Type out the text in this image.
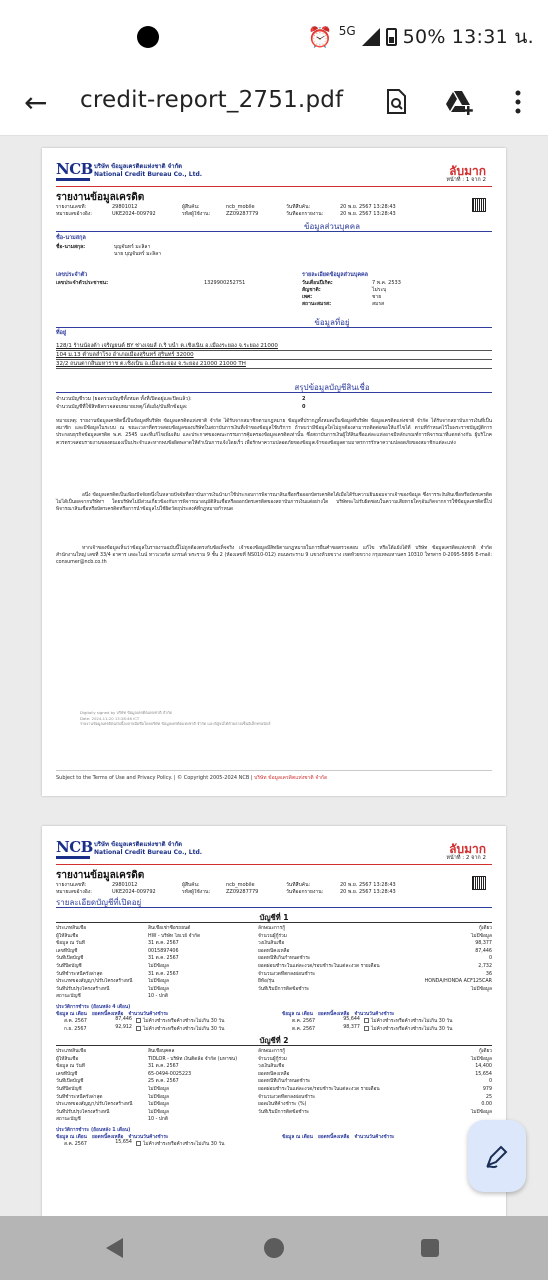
⏰ 5G 50% 13:31 น.
← credit-report_2751.pdf
NCB บริษัท ข้อมูลเครดิตแห่งชาติ จำกัด
National Credit Bureau Co., Ltd.	ลับมาก
หน้าที่ : 1 จาก 2
รายงานข้อมูลเครดิต
รายงานเลขที่:	29801012	ผู้สืบค้น:	ncb_mobile	วันที่สืบค้น:	20 พ.ย. 2567 13:28:43
หมายเลขอ้างอิง:	UKE2024-009792	รหัสผู้ใช้งาน:	ZZ09287779	วันที่ออกรายงาน:	20 พ.ย. 2567 13:28:43
ข้อมูลส่วนบุคคล
ชื่อ-นามสกุล
ชื่อ-นามสกุล:	บุญจันทร์ มะลิลา
นาย บุญจันทร์ มะลิลา
เลขประจำตัว
เลขประจำตัวประชาชน:	1329900252751
รายละเอียดข้อมูลส่วนบุคคล
วันเดือนปีเกิด:	7 พ.ค. 2533
สัญชาติ:	ไม่ระบุ
เพศ:	ชาย
สถานะสมรส:	สมรส
ข้อมูลที่อยู่
ที่อยู่
128/1 ร้านน้องต้า เจริญยนต์ BY ช่างเจมส์ ถ.ริ บน้ำ ต.เชิงเนิน อ.เมืองระยอง จ.ระยอง 21000
104 ม.13 ตำบลสำโรง อำเภอเมืองสุรินทร์ สุรินทร์ 32000
32/2 ถนนตากสินมหาราช ต.เชิงเนิน อ.เมืองระยอง จ.ระยอง 21000 21000 TH
สรุปข้อมูลบัญชีสินเชื่อ
จำนวนบัญชีรวม (ยอดรวมบัญชีทั้งหมด ทั้งที่เปิดอยู่และปิดแล้ว):	2
จำนวนบัญชีที่ใช้สิทธิตรวจสอบหมายเหตุ/โต้แย้ง/บันทึกข้อมูล:	0
หมายเหตุ: รายงานข้อมูลเครดิตนี้เป็นข้อมูลที่บริษัท ข้อมูลเครดิตแห่งชาติ จำกัด ได้รับจากสมาชิกตามกฎหมาย ข้อมูลที่ปรากฏทั้งหมดเป็นข้อมูลที่บริษัท ข้อมูลเครดิตแห่งชาติ จำกัด ได้รับจากสถาบันการเงินที่เป็นสมาชิก และมีข้อมูลในระบบ ณ ขณะเวลาที่ตรวจสอบข้อมูลของบริษัทในสถาบันการเงินที่เจ้าของข้อมูลใช้บริการ ถ้าพบว่ามีข้อมูลใดไม่ถูกต้องสามารถติดต่อขอให้แก้ไขได้ ตามที่กำหนดไว้ในพระราชบัญญัติการประกอบธุรกิจข้อมูลเครดิต พ.ศ. 2545 และที่แก้ไขเพิ่มเติม และประกาศของคณะกรรมการคุ้มครองข้อมูลเครดิตเท่านั้น ซึ่งสถาบันการเงินผู้ให้สินเชื่อแต่ละแห่งอาจมีหลักเกณฑ์การพิจารณาที่แตกต่างกัน ผู้บริโภคควรตรวจสอบรายงานของตนเองเป็นประจำและหากพบข้อผิดพลาดให้ดำเนินการแจ้งโดยเร็ว เพื่อรักษาความปลอดภัยของข้อมูลเจ้าของข้อมูลตามมาตรการรักษาความปลอดภัยของสมาชิกแต่ละแห่ง
อนึ่ง ข้อมูลเครดิตเป็นเพียงปัจจัยหนึ่งในหลายปัจจัยที่สถาบันการเงินนำมาใช้ประกอบการพิจารณาสินเชื่อหรือออกบัตรเครดิตได้เมื่อได้รับความยินยอมจากเจ้าของข้อมูล ซึ่งการระงับสินเชื่อหรือบัตรเครดิตไม่ได้เป็นผลจากบริษัทฯ โดยบริษัทไม่มีส่วนเกี่ยวข้องกับการพิจารณาอนุมัติสินเชื่อหรือออกบัตรเครดิตของสถาบันการเงินแต่อย่างใด บริษัทจะไม่รับผิดชอบในความเสียหายใดๆอันเกิดจากการใช้ข้อมูลเครดิตนี้ไปพิจารณาสินเชื่อหรือบัตรเครดิตหรือการนำข้อมูลไปใช้ผิดวัตถุประสงค์ที่กฎหมายกำหนด
หากเจ้าของข้อมูลเห็นว่าข้อมูลในรายงานฉบับนี้ไม่ถูกต้องตรงกับข้อเท็จจริง เจ้าของข้อมูลมีสิทธิตามกฎหมายในการยื่นคำขอตรวจสอบ แก้ไข หรือโต้แย้งได้ที่ บริษัท ข้อมูลเครดิตแห่งชาติ จำกัด สำนักงานใหญ่ เลขที่ 33/4 อาคาร เดอะไนน์ ทาวเวอร์ส แกรนด์ พระราม 9 ชั้น 2 (ห้องเลขที่ NS010-012) ถนนพระราม 9 แขวงห้วยขวาง เขตห้วยขวาง กรุงเทพมหานคร 10310 โทรสาร 0-2095-5895 E-mail: consumer@ncb.co.th
Digitally signed by บริษัท ข้อมูลเครดิตแห่งชาติ จำกัด
Date: 2024-11-20 13:28:46 ICT
รายงานข้อมูลเครดิตฉบับนี้ลงลายมือชื่อโดยบริษัท ข้อมูลเครดิตแห่งชาติ จำกัด และพิสูจน์ได้ด้วยลายเซ็นอิเล็กทรอนิกส์
Subject to the Terms of Use and Privacy Policy. | © Copyright 2005-2024 NCB | บริษัท ข้อมูลเครดิตแห่งชาติ จำกัด
NCB บริษัท ข้อมูลเครดิตแห่งชาติ จำกัด
National Credit Bureau Co., Ltd.	ลับมาก
หน้าที่ : 2 จาก 2
รายงานข้อมูลเครดิต
รายงานเลขที่:	29801012	ผู้สืบค้น:	ncb_mobile	วันที่สืบค้น:	20 พ.ย. 2567 13:28:43
หมายเลขอ้างอิง:	UKE2024-009792	รหัสผู้ใช้งาน:	ZZ09287779	วันที่ออกรายงาน:	20 พ.ย. 2567 13:28:43
รายละเอียดบัญชีที่เปิดอยู่
บัญชีที่ 1
ประเภทสินเชื่อ	สินเชื่อเช่าซื้อรถยนต์	ลักษณะการกู้	กู้เดี่ยว
ผู้ให้สินเชื่อ	HW - บริษัท ไฮเวย์ จำกัด	จำนวนผู้กู้ร่วม	ไม่มีข้อมูล
ข้อมูล ณ วันที่	31 ต.ค. 2567	วงเงินสินเชื่อ	98,377
เลขที่บัญชี	0015897406	ยอดหนี้คงเหลือ	87,446
วันที่เปิดบัญชี	31 ต.ค. 2567	ยอดหนี้ที่เกินกำหนดชำระ	0
วันที่ปิดบัญชี	ไม่มีข้อมูล	ยอดผ่อนชำระในแต่ละงวด/รอบชำระในแต่ละงวด รายเดือน	2,732
วันที่ชำระหนี้ครั้งล่าสุด	31 ต.ค. 2567	จำนวนงวดที่ตกลงผ่อนชำระ	36
ประเภทของสัญญา/ปรับโครงสร้างหนี้	ไม่มีข้อมูล	ยี่ห้อ/รุ่น	HONDA/HONDA ACF125CAR
วันที่ปรับปรุงโครงสร้างหนี้	ไม่มีข้อมูล	วันที่เริ่มมีการติดข้อชำระ	ไม่มีข้อมูล
สถานะบัญชี	10 - ปกติ
ประวัติการชำระ (ย้อนหลัง 4 เดือน)
ข้อมูล ณ เดือน ยอดหนี้คงเหลือ จำนวนวันค้างชำระ	ข้อมูล ณ เดือน ยอดหนี้คงเหลือ จำนวนวันค้างชำระ
ส.ค. 2567	87,446	ไม่ค้างชำระหรือค้างชำระไม่เกิน 30 วัน
ก.ย. 2567	92,912	ไม่ค้างชำระหรือค้างชำระไม่เกิน 30 วัน
ต.ค. 2567	95,644	ไม่ค้างชำระหรือค้างชำระไม่เกิน 30 วัน
ต.ค. 2567	98,377	ไม่ค้างชำระหรือค้างชำระไม่เกิน 30 วัน
บัญชีที่ 2
ประเภทสินเชื่อ	สินเชื่อบุคคล	ลักษณะการกู้	กู้เดี่ยว
ผู้ให้สินเชื่อ	TIDLOR - บริษัท เงินติดล้อ จำกัด (มหาชน)	จำนวนผู้กู้ร่วม	ไม่มีข้อมูล
ข้อมูล ณ วันที่	31 ต.ค. 2567	วงเงินสินเชื่อ	14,400
เลขที่บัญชี	65-0494-0025223	ยอดหนี้คงเหลือ	15,654
วันที่เปิดบัญชี	25 ต.ค. 2567	ยอดหนี้ที่เกินกำหนดชำระ	0
วันที่ปิดบัญชี	ไม่มีข้อมูล	ยอดผ่อนชำระในแต่ละงวด/รอบชำระในแต่ละงวด รายเดือน	979
วันที่ชำระหนี้ครั้งล่าสุด	ไม่มีข้อมูล	จำนวนงวดที่ตกลงผ่อนชำระ	25
ประเภทของสัญญา/ปรับโครงสร้างหนี้	ไม่มีข้อมูล	ยอดเงินที่ค้างชำระ (%)	0.00
วันที่ปรับปรุงโครงสร้างหนี้	ไม่มีข้อมูล	วันที่เริ่มมีการติดข้อชำระ	ไม่มีข้อมูล
สถานะบัญชี	10 - ปกติ
ประวัติการชำระ (ย้อนหลัง 1 เดือน)
ข้อมูล ณ เดือน ยอดหนี้คงเหลือ จำนวนวันค้างชำระ	ข้อมูล ณ เดือน ยอดหนี้คงเหลือ จำนวนวันค้างชำระ
ส.ค. 2567	15,654	ไม่ค้างชำระหรือค้างชำระไม่เกิน 30 วัน
